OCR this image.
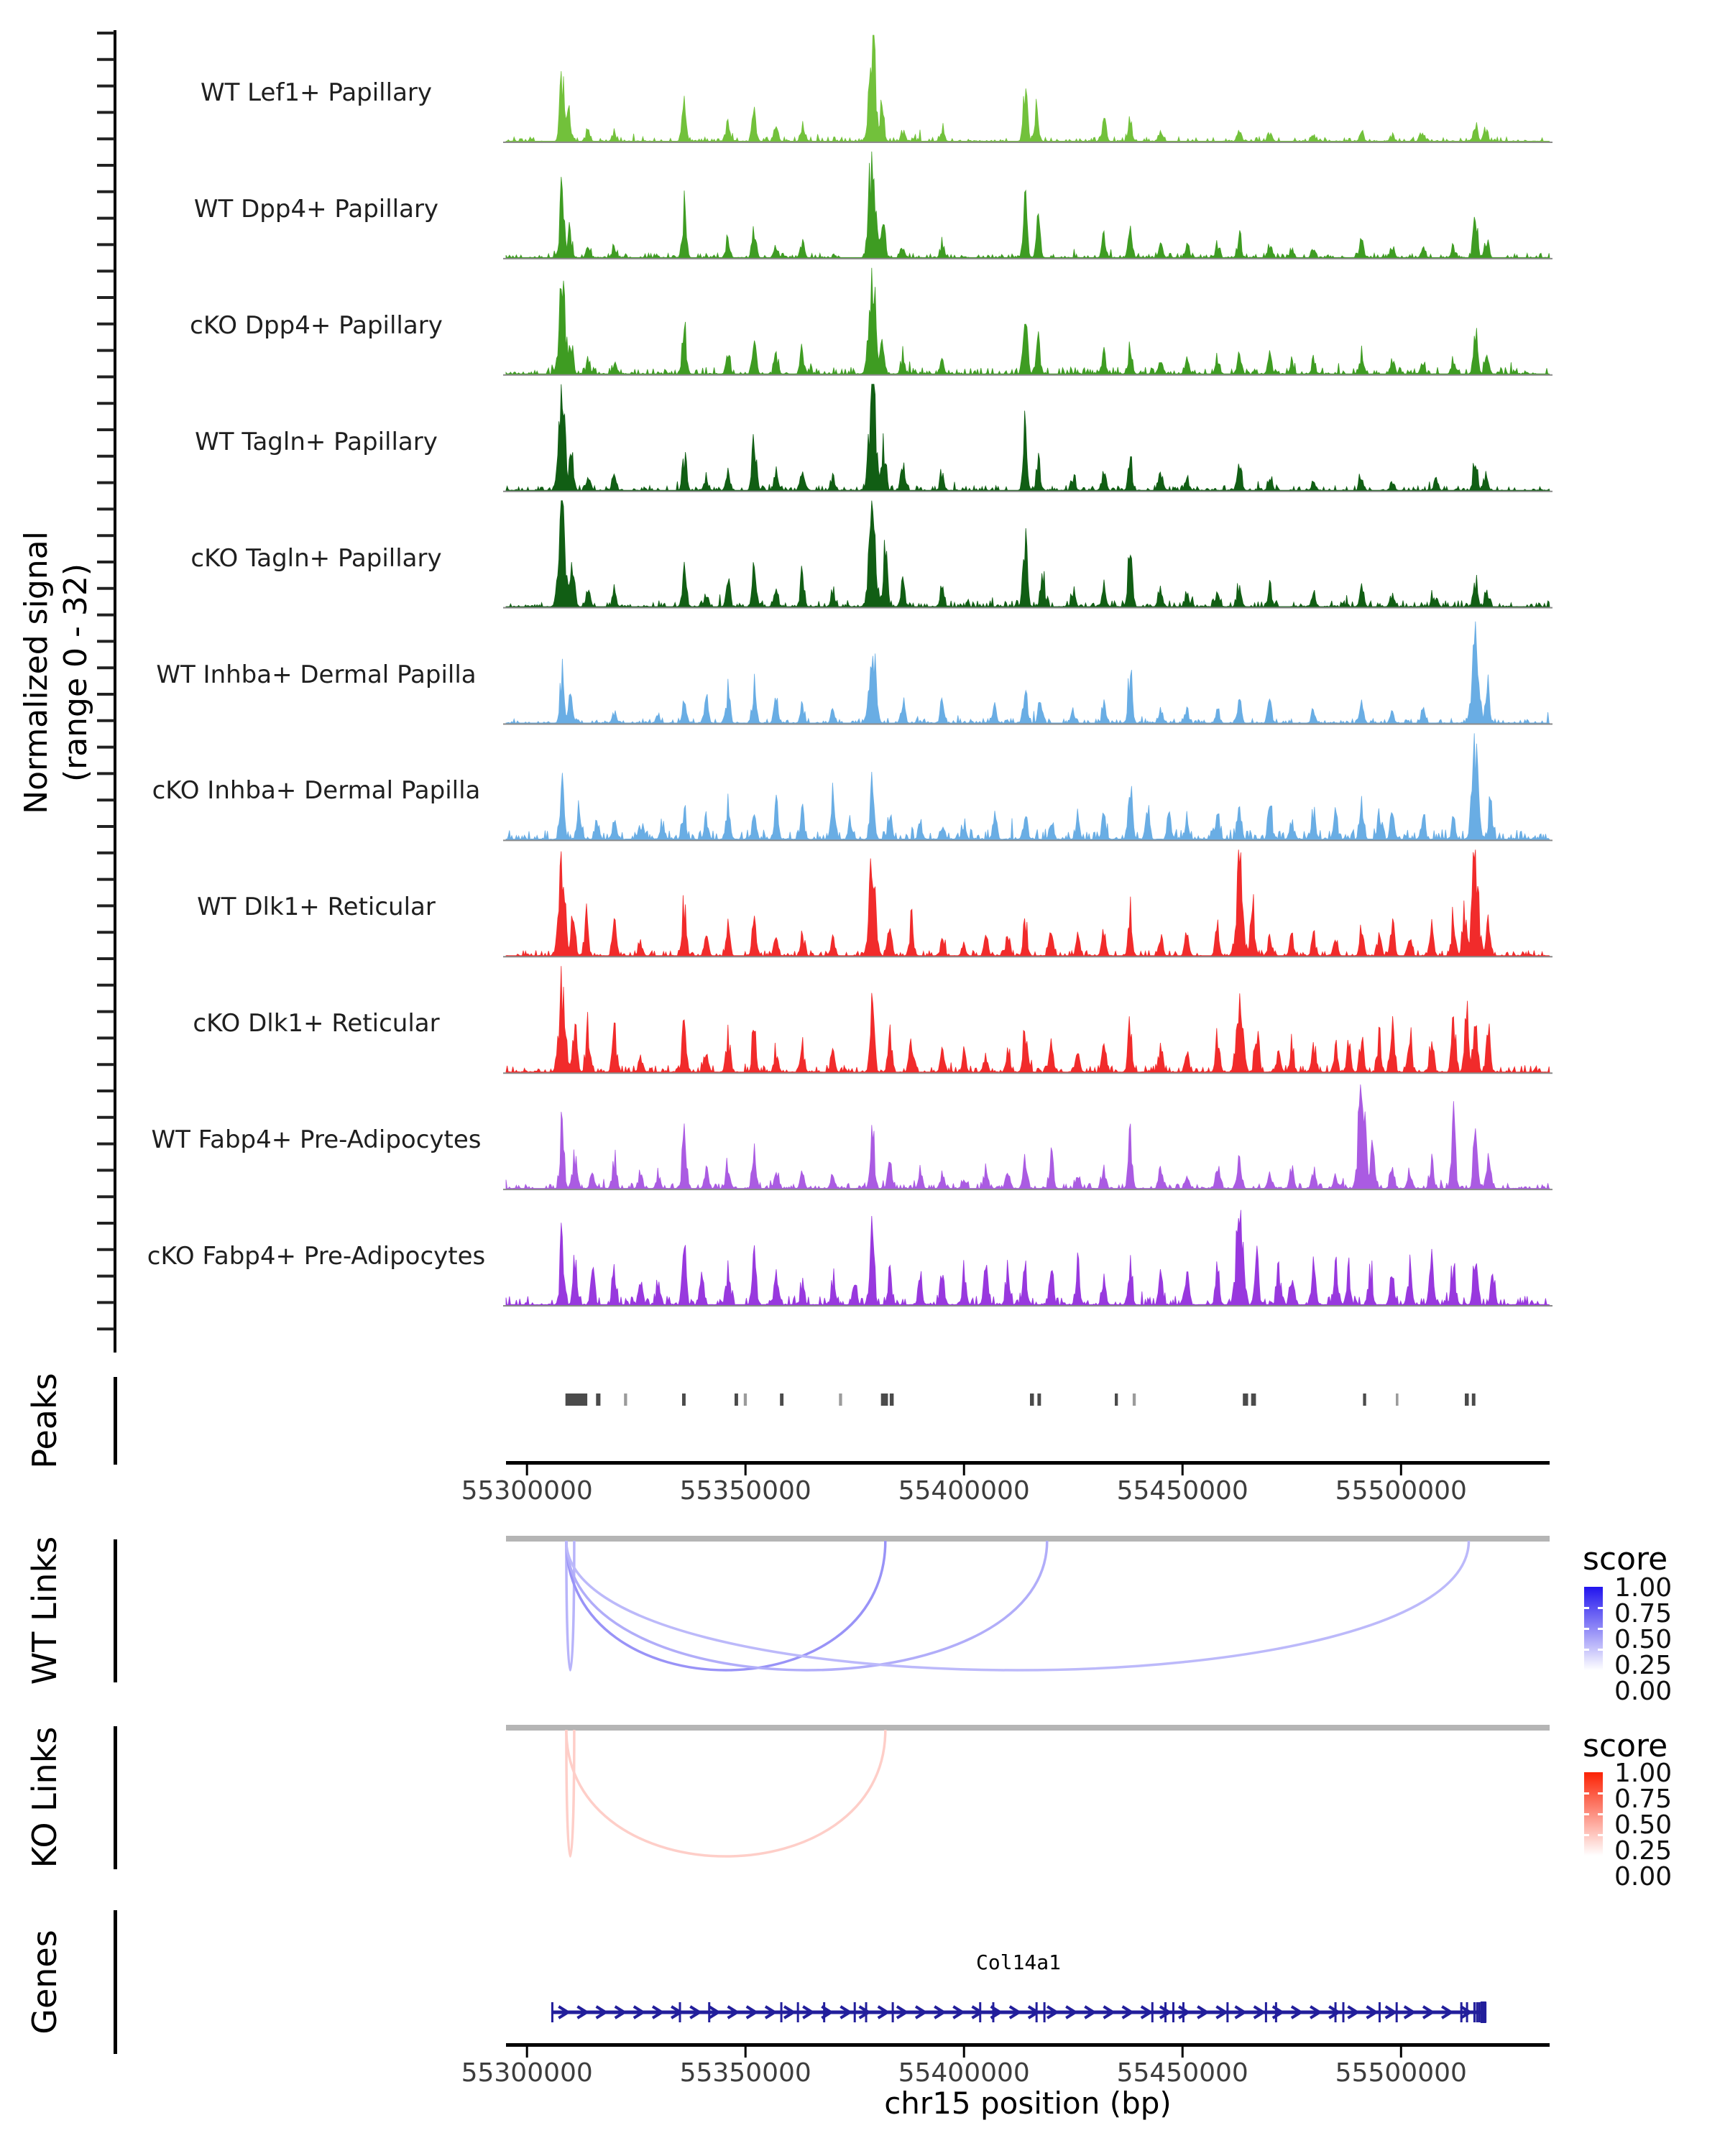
Normalized signal (range 0 - 32)
WT Lef1+ Papillary
WT Dpp4+ Papillary
cKO Dpp4+ Papillary
WT Tagln+ Papillary
cKO Tagln+ Papillary
WT Inhba+ Dermal Papilla
cKO Inhba+ Dermal Papilla
WT Dlk1+ Reticular
cKO Dlk1+ Reticular
WT Fabp4+ Pre-Adipocytes
cKO Fabp4+ Pre-Adipocytes
Peaks
WT Links
KO Links
Genes
55300000	55350000	55400000	55450000	55500000
55300000	55350000	55400000	55450000	55500000
chr15 position (bp)
Col14a1
score
1.00
0.75
0.50
0.25
0.00
score
1.00
0.75
0.50
0.25
0.00
